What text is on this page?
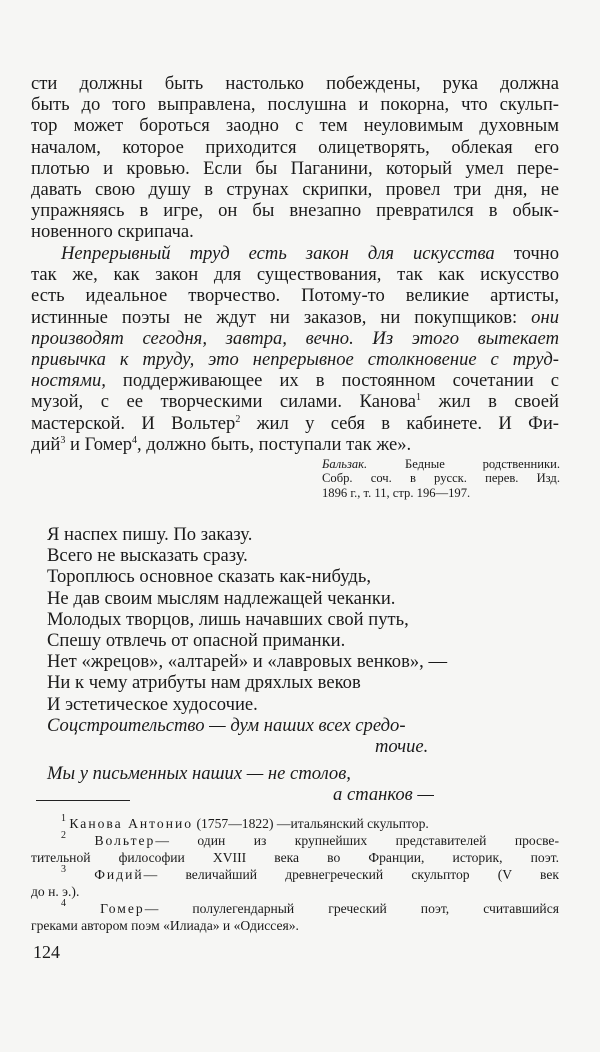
сти должны быть настолько побеждены, рука должна
быть до того выправлена, послушна и покорна, что скульп-
тор может бороться заодно с тем неуловимым духовным
началом, которое приходится олицетворять, облекая его
плотью и кровью. Если бы Паганини, который умел пере-
давать свою душу в струнах скрипки, провел три дня, не
упражняясь в игре, он бы внезапно превратился в обык-
новенного скрипача.
Непрерывный труд есть закон для искусства точно
так же, как закон для существования, так как искусство
есть идеальное творчество. Потому-то великие артисты,
истинные поэты не ждут ни заказов, ни покупщиков: они
производят сегодня, завтра, вечно. Из этого вытекает
привычка к труду, это непрерывное столкновение с труд-
ностями, поддерживающее их в постоянном сочетании с
музой, с ее творческими силами. Канова$^1$ жил в своей
мастерской. И Вольтер$^2$ жил у себя в кабинете. И Фи-
дий$^3$ и Гомер$^4$, должно быть, поступали так же».
Бальзак. Бедные родственники.
Собр. соч. в русск. перев. Изд.
1896 г., т. 11, стр. 196—197.
Я наспех пишу. По заказу.
Всего не высказать сразу.
Тороплюсь основное сказать как-нибудь,
Не дав своим мыслям надлежащей чеканки.
Молодых творцов, лишь начавших свой путь,
Спешу отвлечь от опасной приманки.
Нет «жрецов», «алтарей» и «лавровых венков», —
Ни к чему атрибуты нам дряхлых веков
И эстетическое худосочие.
Соцстроительство — дум наших всех средо-
точие.
Мы у письменных наших — не столов,
а станков —
$^1$ Канова Антонио (1757—1822) —итальянский скульптор.
$^2$ Вольтер— один из крупнейших представителей просве-
тительной философии XVIII века во Франции, историк, поэт.
$^3$ Фидий— величайший древнегреческий скульптор (V век
до н. э.).
$^4$	Гомер— полулегендарный греческий поэт, считавшийся
греками автором поэм «Илиада» и «Одиссея».
124
